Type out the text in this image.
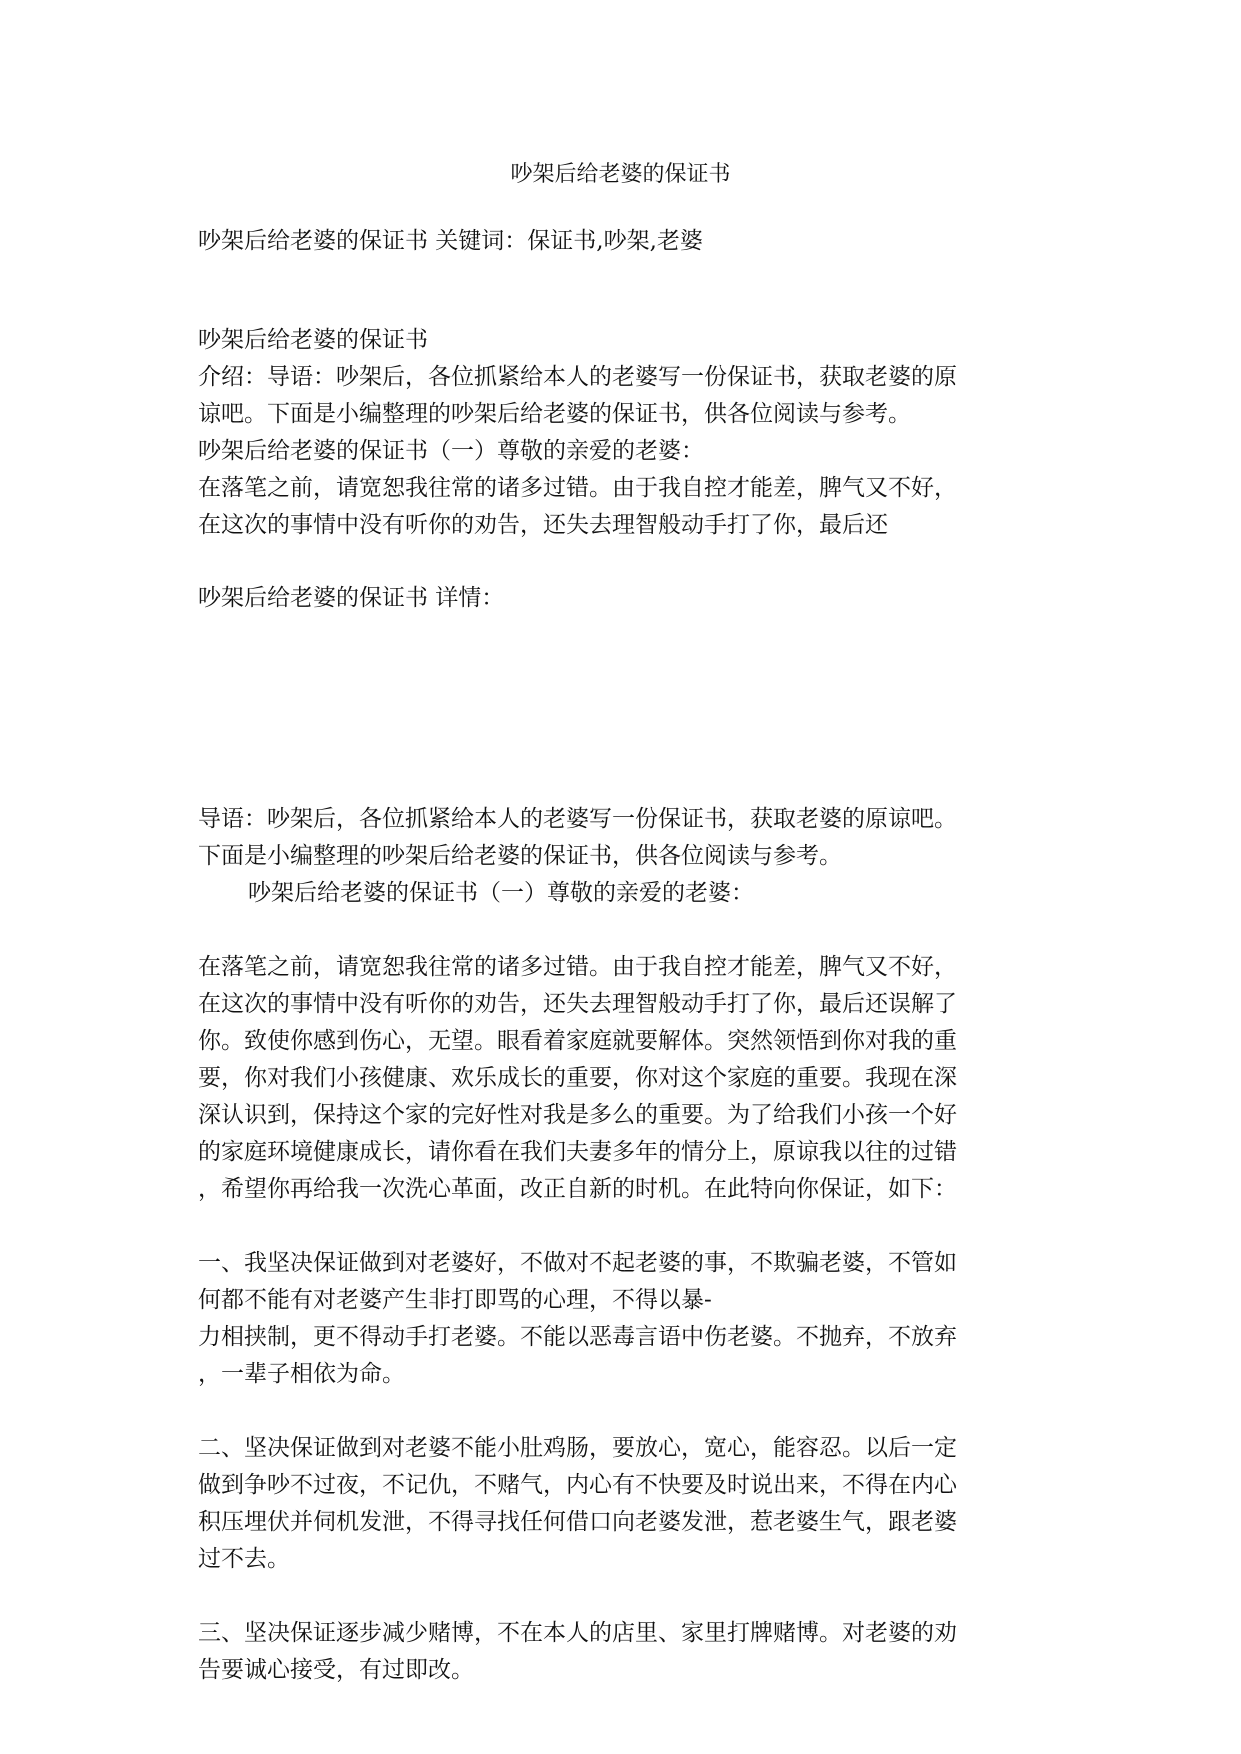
吵架后给老婆的保证书

吵架后给老婆的保证书 关键词：保证书,吵架,老婆

吵架后给老婆的保证书

介绍：导语：吵架后，各位抓紧给本人的老婆写一份保证书，获取老婆的原

谅吧。下面是小编整理的吵架后给老婆的保证书，供各位阅读与参考。

吵架后给老婆的保证书（一）尊敬的亲爱的老婆：

在落笔之前，请宽恕我往常的诸多过错。由于我自控才能差，脾气又不好，

在这次的事情中没有听你的劝告，还失去理智般动手打了你，最后还

吵架后给老婆的保证书 详情：

导语：吵架后，各位抓紧给本人的老婆写一份保证书，获取老婆的原谅吧。

下面是小编整理的吵架后给老婆的保证书，供各位阅读与参考。

吵架后给老婆的保证书（一）尊敬的亲爱的老婆：

在落笔之前，请宽恕我往常的诸多过错。由于我自控才能差，脾气又不好，

在这次的事情中没有听你的劝告，还失去理智般动手打了你，最后还误解了

你。致使你感到伤心，无望。眼看着家庭就要解体。突然领悟到你对我的重

要，你对我们小孩健康、欢乐成长的重要，你对这个家庭的重要。我现在深

深认识到，保持这个家的完好性对我是多么的重要。为了给我们小孩一个好

的家庭环境健康成长，请你看在我们夫妻多年的情分上，原谅我以往的过错

，希望你再给我一次洗心革面，改正自新的时机。在此特向你保证，如下：

一、我坚决保证做到对老婆好，不做对不起老婆的事，不欺骗老婆，不管如

何都不能有对老婆产生非打即骂的心理，不得以暴-

力相挟制，更不得动手打老婆。不能以恶毒言语中伤老婆。不抛弃，不放弃

，一辈子相依为命。

二、坚决保证做到对老婆不能小肚鸡肠，要放心，宽心，能容忍。以后一定

做到争吵不过夜，不记仇，不赌气，内心有不快要及时说出来，不得在内心

积压埋伏并伺机发泄，不得寻找任何借口向老婆发泄，惹老婆生气，跟老婆

过不去。

三、坚决保证逐步减少赌博，不在本人的店里、家里打牌赌博。对老婆的劝

告要诚心接受，有过即改。
